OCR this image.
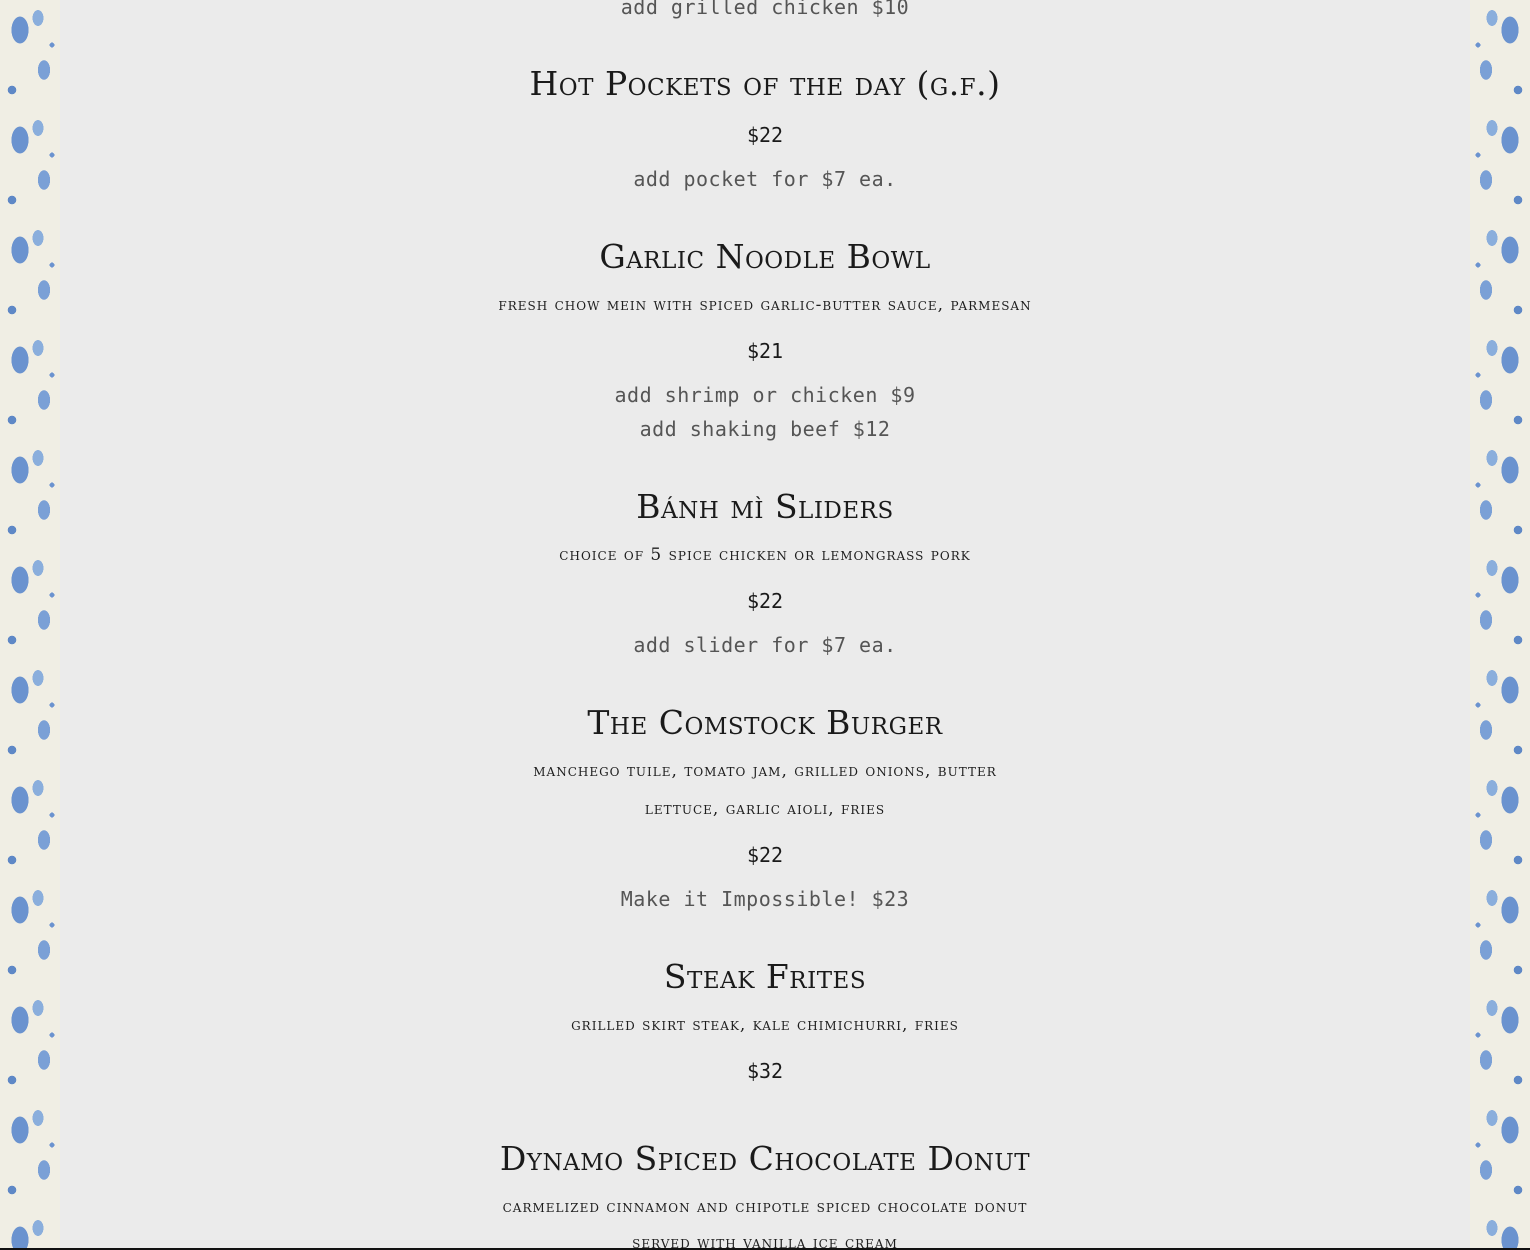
add grilled chicken $10
Hot Pockets of the day (g.f.)
$22
add pocket for $7 ea.
Garlic Noodle Bowl
fresh chow mein with spiced garlic-butter sauce, parmesan
$21
add shrimp or chicken $9
add shaking beef $12
Bánh mì Sliders
choice of 5 spice chicken or lemongrass pork
$22
add slider for $7 ea.
The Comstock Burger
manchego tuile, tomato jam, grilled onions, butter
lettuce, garlic aioli, fries
$22
Make it Impossible! $23
Steak Frites
grilled skirt steak, kale chimichurri, fries
$32
Dynamo Spiced Chocolate Donut
carmelized cinnamon and chipotle spiced chocolate donut
served with vanilla ice cream
